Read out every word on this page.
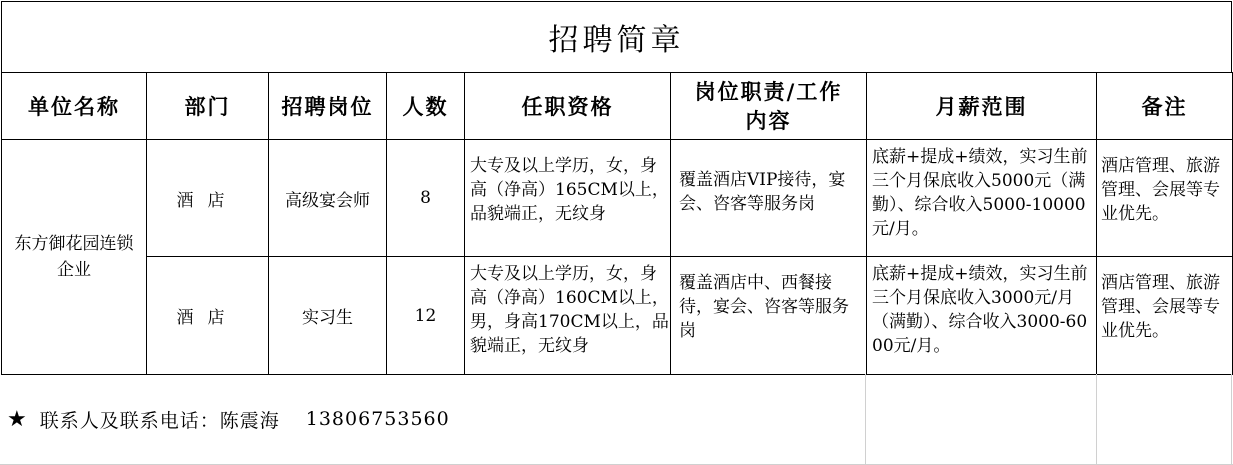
招聘简章
单位名称	部门	招聘岗位	人数	任职资格	岗位职责/工作内容	月薪范围	备注
东方御花园连锁企业	酒店	高级宴会师	8	大专及以上学历，女，身高（净高）165CM以上，品貌端正，无纹身	覆盖酒店VIP接待，宴会、咨客等服务岗	底薪+提成+绩效，实习生前三个月保底收入5000元（满勤）、综合收入5000-10000元/月。	酒店管理、旅游管理、会展等专业优先。
	酒店	实习生	12	大专及以上学历，女，身高（净高）160CM以上，男，身高170CM以上，品貌端正，无纹身	覆盖酒店中、西餐接待，宴会、咨客等服务岗	底薪+提成+绩效，实习生前三个月保底收入3000元/月（满勤）、综合收入3000-6000元/月。	酒店管理、旅游管理、会展等专业优先。
★ 联系人及联系电话：陈震海 13806753560
